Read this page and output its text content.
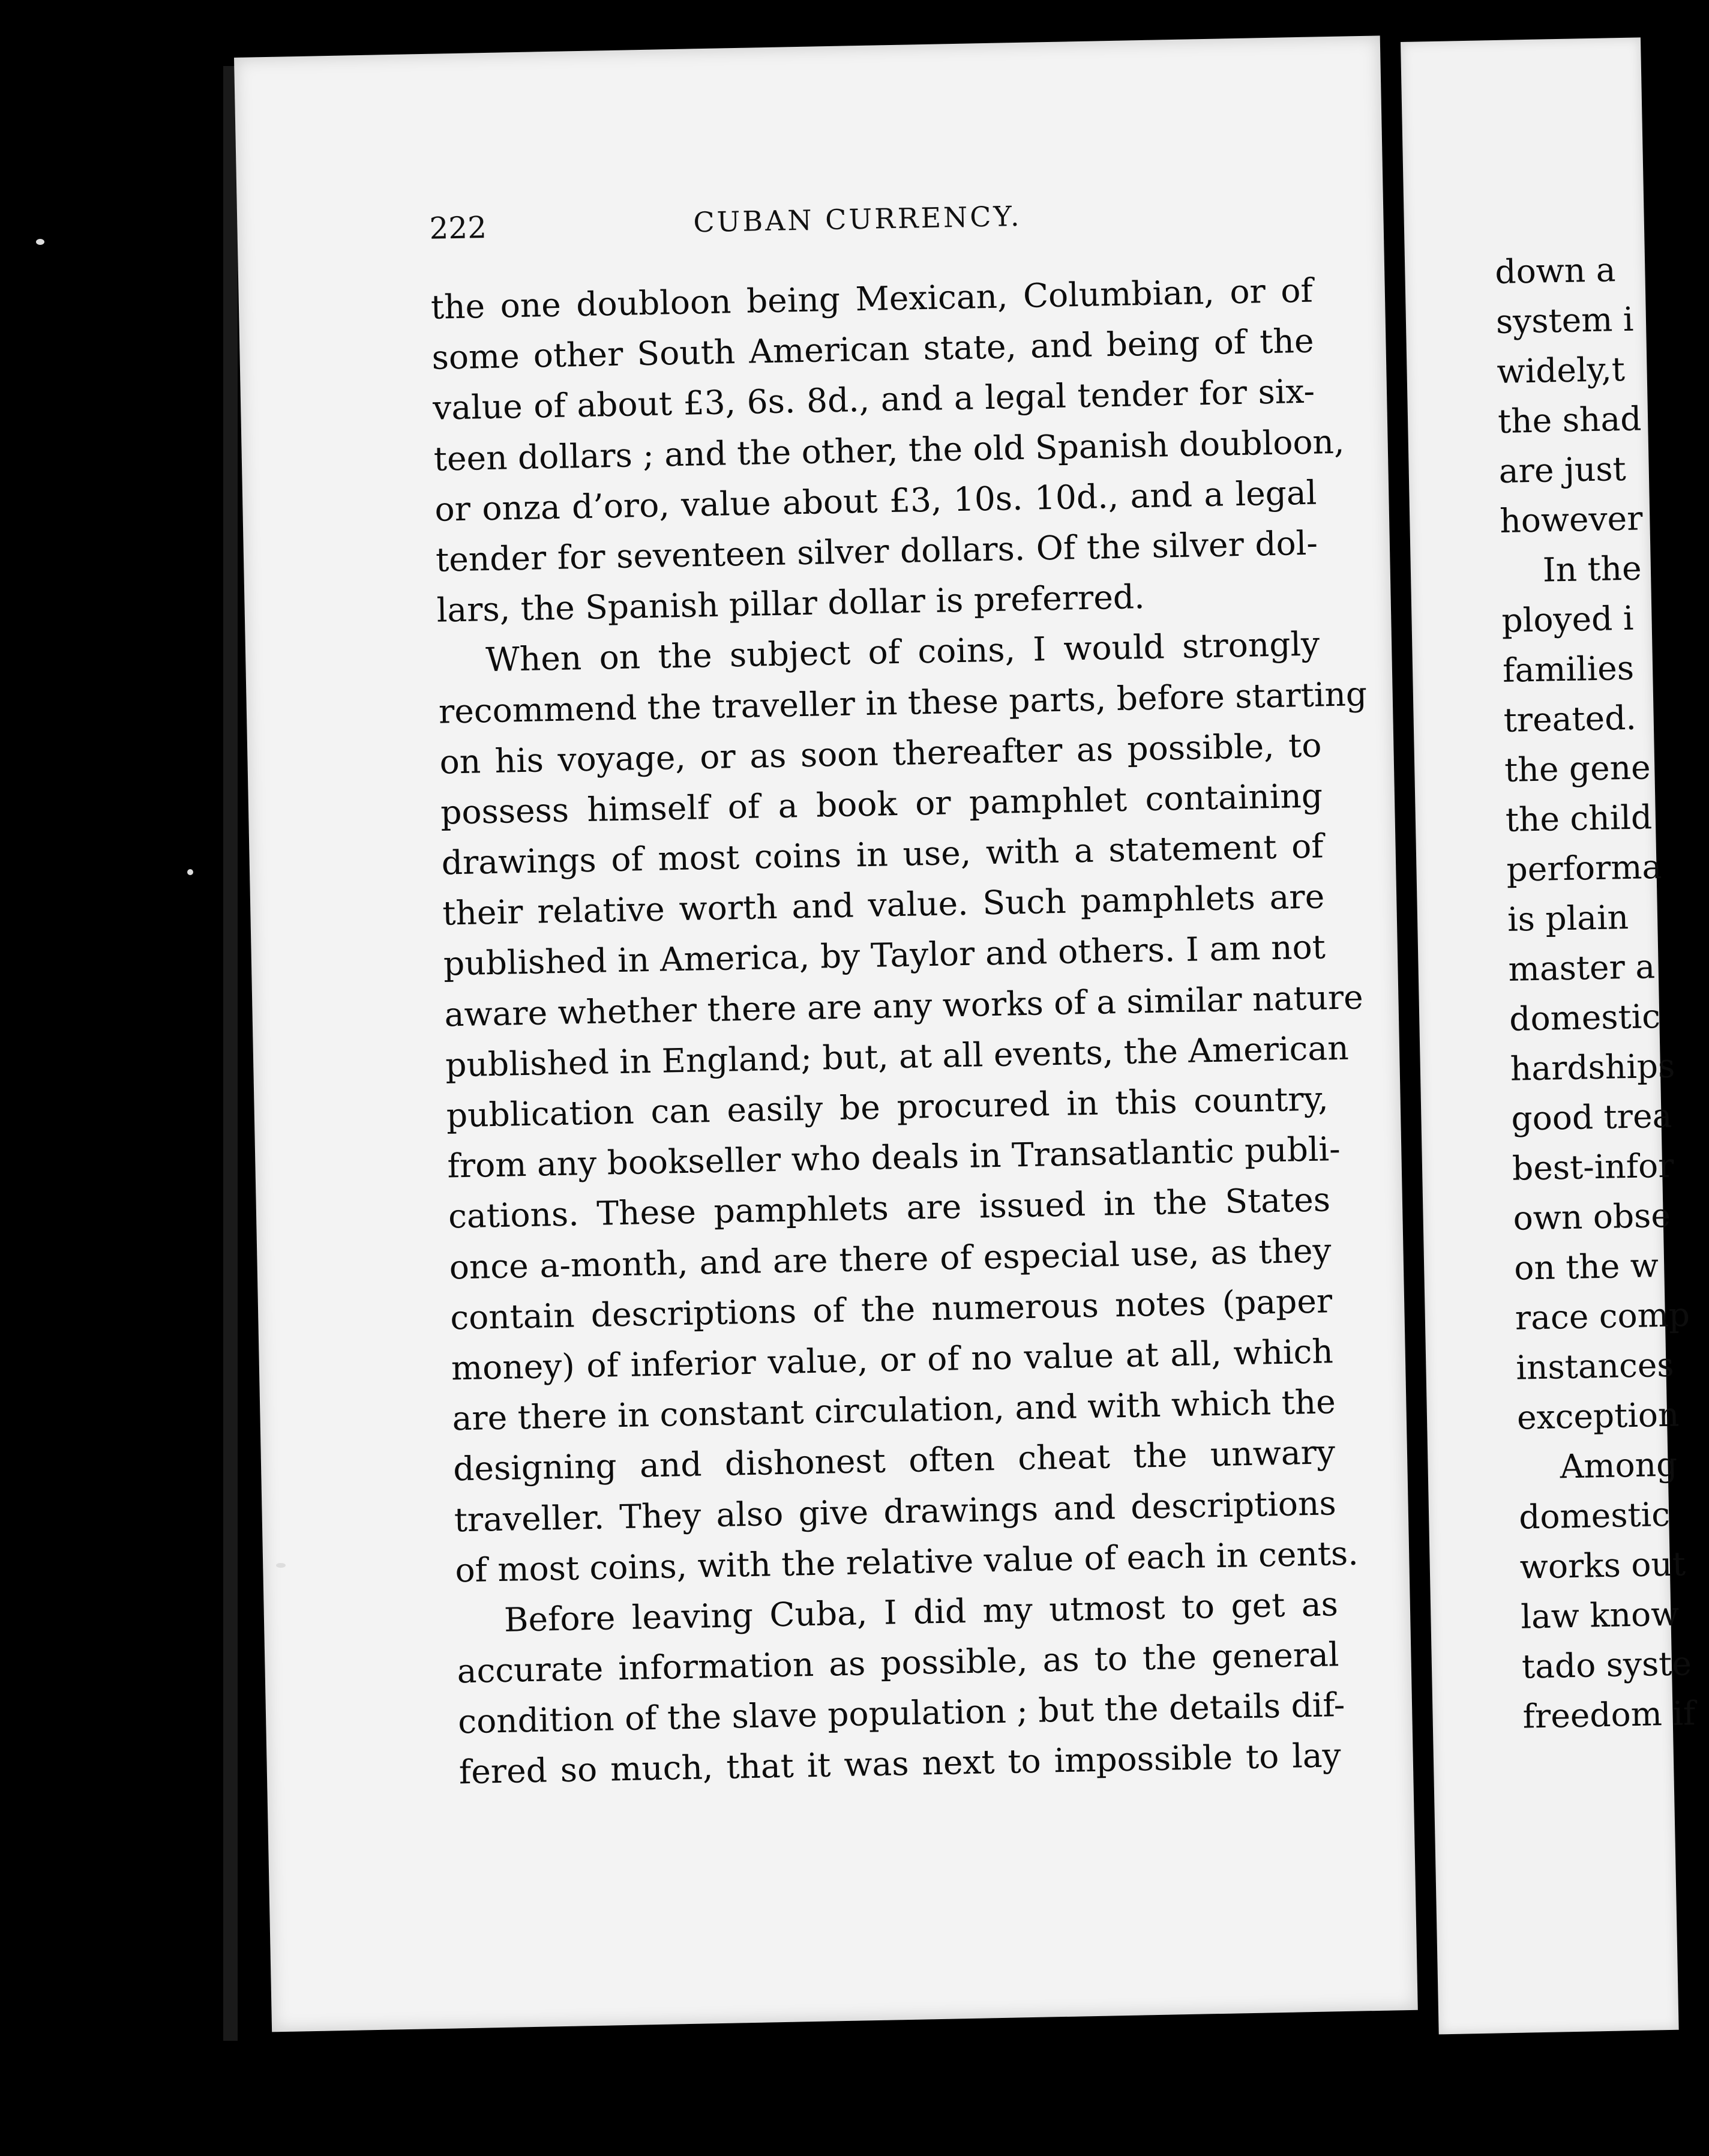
222	CUBAN CURRENCY.
the one doubloon being Mexican, Columbian, or of
some other South American state, and being of the
value of about £3, 6s. 8d., and a legal tender for six-
teen dollars ; and the other, the old Spanish doubloon,
or onza d’oro, value about £3, 10s. 10d., and a legal
tender for seventeen silver dollars. Of the silver dol-
lars, the Spanish pillar dollar is preferred.
When on the subject of coins, I would strongly
recommend the traveller in these parts, before starting
on his voyage, or as soon thereafter as possible, to
possess himself of a book or pamphlet containing
drawings of most coins in use, with a statement of
their relative worth and value. Such pamphlets are
published in America, by Taylor and others. I am not
aware whether there are any works of a similar nature
published in England; but, at all events, the American
publication can easily be procured in this country,
from any bookseller who deals in Transatlantic publi-
cations. These pamphlets are issued in the States
once a-month, and are there of especial use, as they
contain descriptions of the numerous notes (paper
money) of inferior value, or of no value at all, which
are there in constant circulation, and with which the
designing and dishonest often cheat the unwary
traveller. They also give drawings and descriptions
of most coins, with the relative value of each in cents.
Before leaving Cuba, I did my utmost to get as
accurate information as possible, as to the general
condition of the slave population ; but the details dif-
fered so much, that it was next to impossible to lay
down a
system i
widely,t
the shad
are just
however
In the
ployed i
families
treated.
the gene
the child
performa
is plain
master a
domestic
hardships
good trea
best-infor
own obse
on the w
race comp
instances
exception
Among
domestic
works out
law know
tado syste
freedom if
